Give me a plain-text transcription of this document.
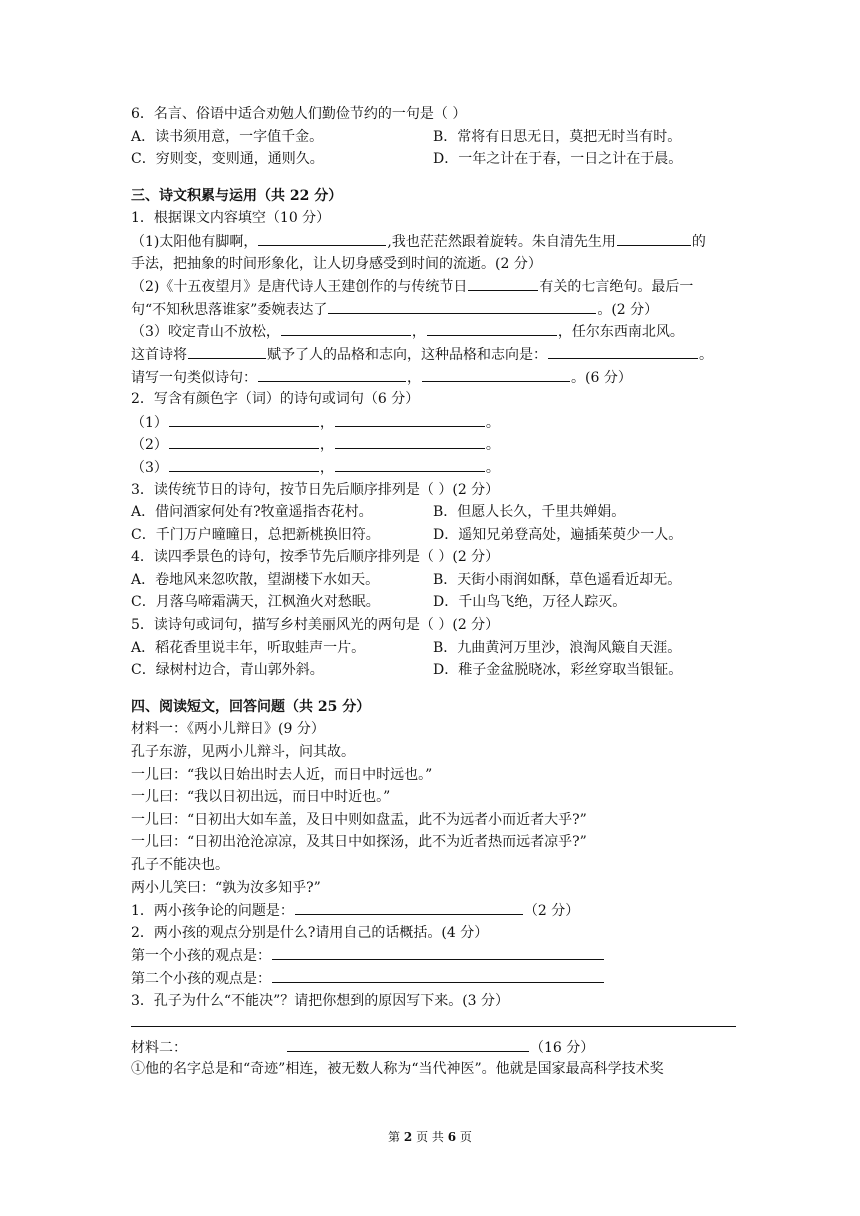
6．名言、俗语中适合劝勉人们勤俭节约的一句是（ ）
A．读书须用意，一字值千金。	B．常将有日思无日，莫把无时当有时。
C．穷则变，变则通，通则久。	D．一年之计在于春，一日之计在于晨。
三、诗文积累与运用（共 22 分）
1．根据课文内容填空（10 分）
（1)太阳他有脚啊，	,我也茫茫然跟着旋转。朱自清先生用	的
手法，把抽象的时间形象化，让人切身感受到时间的流逝。(2 分）
（2)《十五夜望月》是唐代诗人王建创作的与传统节日	有关的七言绝句。最后一
句“不知秋思落谁家”委婉表达了	。(2 分）
（3）咬定青山不放松，	，	，任尔东西南北风。
这首诗将	赋予了人的品格和志向，这种品格和志向是：	。
请写一句类似诗句：	，	。(6 分）
2．写含有颜色字（词）的诗句或词句（6 分）
（1）	，	。
（2）	，	。
（3）	，	。
3．读传统节日的诗句，按节日先后顺序排列是（ ）(2 分）
A．借问酒家何处有?牧童遥指杏花村。	B．但愿人长久，千里共婵娟。
C．千门万户曈曈日，总把新桃换旧符。	D．遥知兄弟登高处，遍插茱萸少一人。
4．读四季景色的诗句，按季节先后顺序排列是（ ）(2 分）
A．卷地风来忽吹散，望湖楼下水如天。	B．天街小雨润如酥，草色遥看近却无。
C．月落乌啼霜满天，江枫渔火对愁眠。	D．千山鸟飞绝，万径人踪灭。
5．读诗句或词句，描写乡村美丽风光的两句是（ ）(2 分）
A．稻花香里说丰年，听取蛙声一片。	B．九曲黄河万里沙，浪淘风簸自天涯。
C．绿树村边合，青山郭外斜。	D．稚子金盆脱晓冰，彩丝穿取当银钲。
四、阅读短文，回答问题（共 25 分）
材料一：《两小儿辩日》(9 分）
孔子东游，见两小儿辩斗，问其故。
一儿曰：“我以日始出时去人近，而日中时远也。”
一儿曰：“我以日初出远，而日中时近也。”
一儿曰：“日初出大如车盖，及日中则如盘盂，此不为远者小而近者大乎?”
一儿曰：“日初出沧沧凉凉，及其日中如探汤，此不为近者热而远者凉乎?”
孔子不能决也。
两小儿笑曰：“孰为汝多知乎?”
1．两小孩争论的问题是：	（2 分）
2．两小孩的观点分别是什么?请用自己的话概括。(4 分）
第一个小孩的观点是：
第二个小孩的观点是：
3．孔子为什么“不能决”？请把你想到的原因写下来。(3 分）
材料二：	（16 分）
①他的名字总是和“奇迹”相连，被无数人称为“当代神医”。他就是国家最高科学技术奖
第 2 页 共 6 页
